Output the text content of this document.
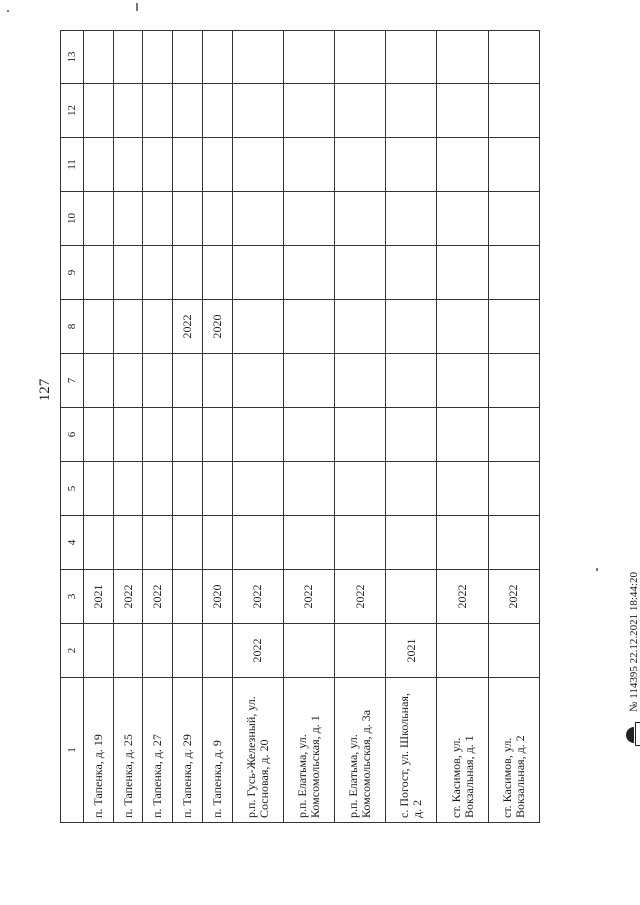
127
1	2	3	4	5	6	7	8	9	10	11	12	13
п. Тапенка, д. 19		2021										
п. Тапенка, д. 25		2022										
п. Тапенка, д. 27		2022										
п. Тапенка, д. 29							2022					
п. Тапенка, д. 9		2020					2020					
р.п. Гусь-Железный, ул. Сосновая, д. 20	2022	2022										
р.п. Елатьма, ул. Комсомольская, д. 1		2022										
р.п. Елатьма, ул. Комсомольская, д. 3а		2022										
с. Погост, ул. Школьная, д. 2	2021											
ст. Касимов, ул. Вокзальная, д. 1		2022										
ст. Касимов, ул. Вокзальная, д. 2		2022											№ 114395 22.12.2021 18:44:20
